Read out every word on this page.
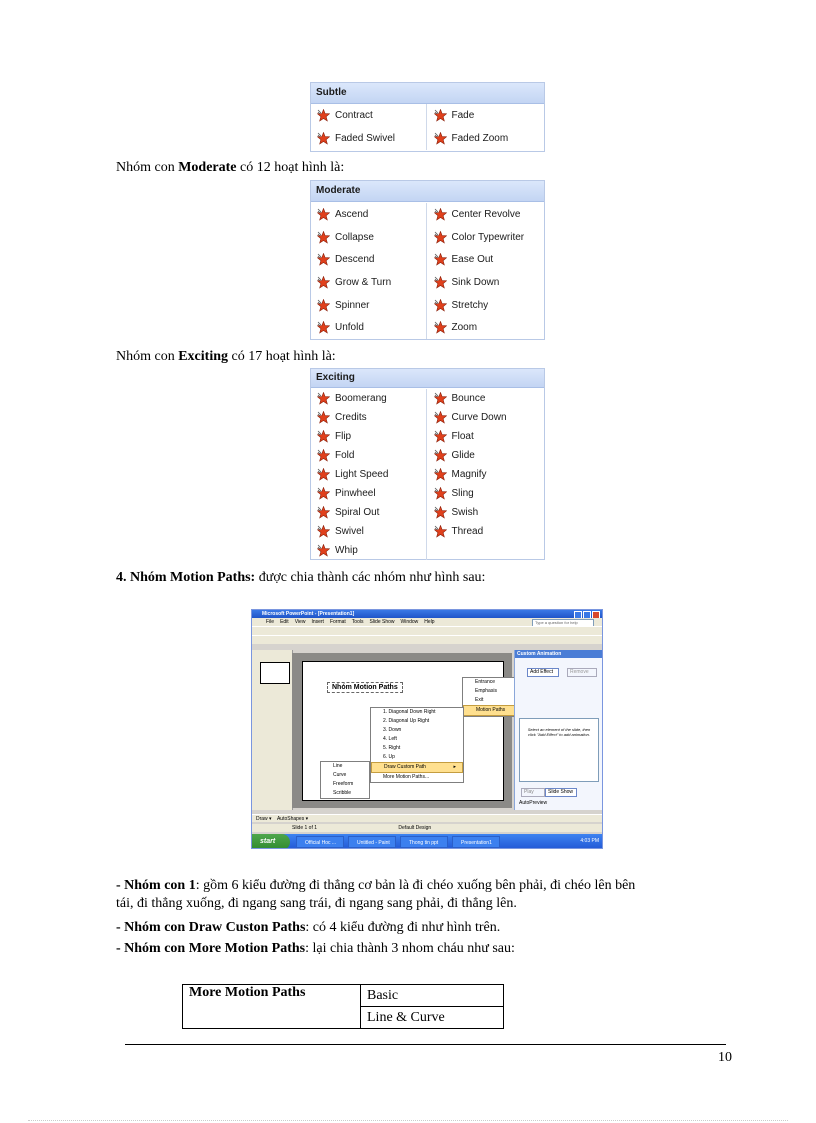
Subtle
Contract	Fade
Faded Swivel	Faded Zoom
Nhóm con Moderate có 12 hoạt hình là:
Moderate
Ascend	Center Revolve
Collapse	Color Typewriter
Descend	Ease Out
Grow & Turn	Sink Down
Spinner	Stretchy
Unfold	Zoom
Nhóm con Exciting có 17 hoạt hình là:
Exciting
Boomerang	Bounce
Credits	Curve Down
Flip	Float
Fold	Glide
Light Speed	Magnify
Pinwheel	Sling
Spiral Out	Swish
Swivel	Thread
Whip
4. Nhóm Motion Paths: được chia thành các nhóm như hình sau:
Microsoft PowerPoint - [Presentation1]
File Edit View Insert Format Tools Slide Show Window Help	Type a question for help
Nhóm Motion Paths
Entrance
Emphasis
Exit
Motion Paths
1. Diagonal Down Right
2. Diagonal Up Right
3. Down
4. Left
5. Right
6. Up
Draw Custom Path	▸
More Motion Paths...
Line
Curve
Freeform
Scribble
Custom Animation
Add Effect	Remove
Select an element of the slide, then click "Add Effect" to add animation.
Play	Slide Show
AutoPreview
Draw ▾ AutoShapes ▾
Slide 1 of 1	Default Design
start	Official Hoc ...	Untitled - Paint	Thong tin ppt	Presentation1	4:03 PM
- Nhóm con 1: gồm 6 kiểu đường đi thẳng cơ bản là đi chéo xuống bên phải, đi chéo lên bên
tái, đi thẳng xuống, đi ngang sang trái, đi ngang sang phải, đi thẳng lên.
- Nhóm con Draw Custon Paths: có 4 kiểu đường đi như hình trên.
- Nhóm con More Motion Paths: lại chia thành 3 nhom cháu như sau:
More Motion Paths	Basic
Line & Curve
10
